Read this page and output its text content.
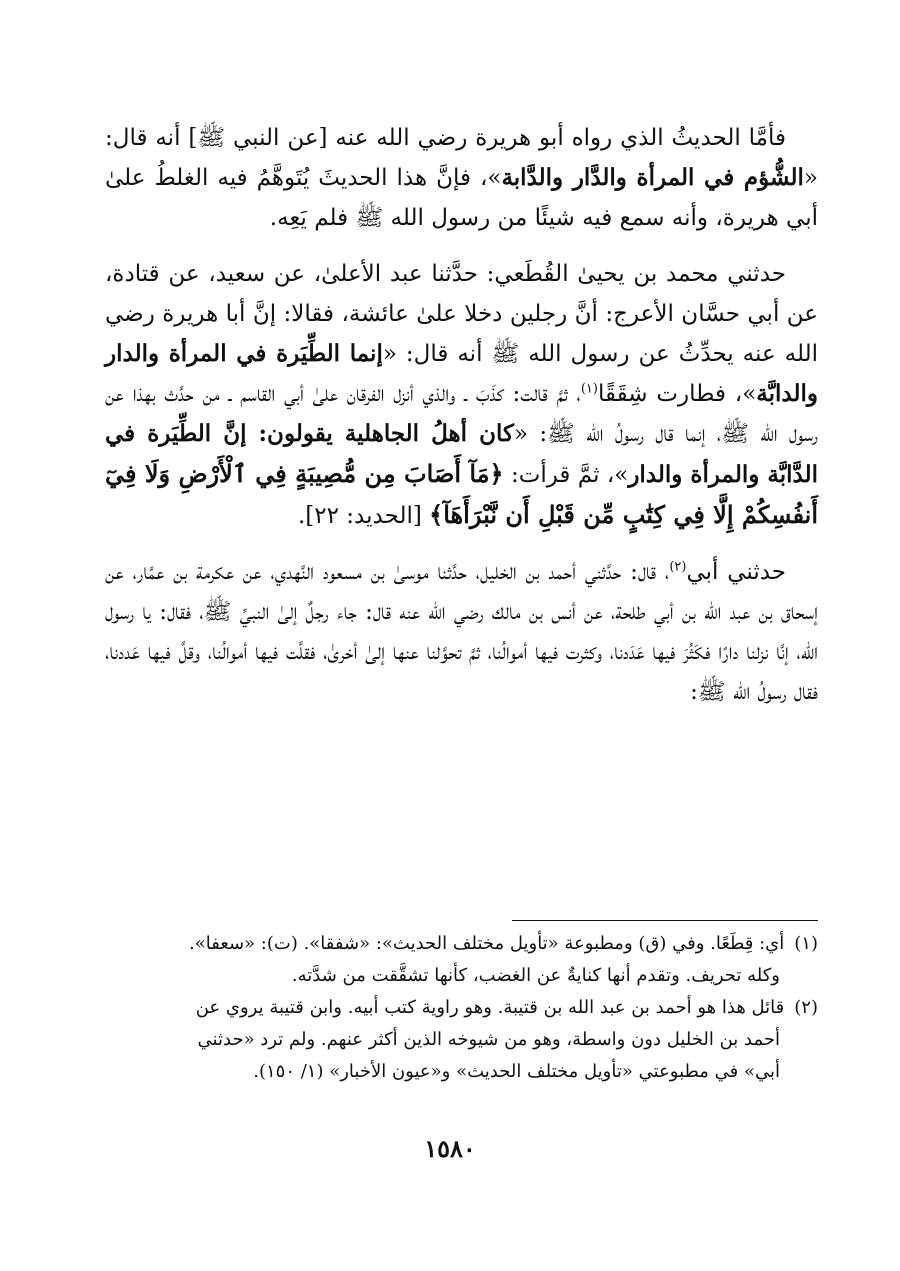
فأمَّا الحديثُ الذي رواه أبو هريرة رضي الله عنه [عن النبي ﷺ] أنه قال: «الشُّؤم في المرأة والدَّار والدَّابة»، فإنَّ هذا الحديثَ يُتَوهَّمُ فيه الغلطُ علىٰ أبي هريرة، وأنه سمع فيه شيئًا من رسول الله ﷺ فلم يَعِه.

حدثني محمد بن يحيىٰ القُطَعي: حدَّثنا عبد الأعلىٰ، عن سعيد، عن قتادة، عن أبي حسَّان الأعرج: أنَّ رجلين دخلا علىٰ عائشة، فقالا: إنَّ أبا هريرة رضي الله عنه يحدِّثُ عن رسول الله ﷺ أنه قال: «إنما الطِّيَرة في المرأة والدار والدابَّة»، فطارت شِقَقًا$^{(١)}$، ثمَّ قالت: كذَبَ ـ والذي أنزل الفرقان علىٰ أبي القاسم ـ من حدَّث بهذا عن رسول الله ﷺ، إنما قال رسولُ الله ﷺ: «كان أهلُ الجاهلية يقولون: إنَّ الطِّيَرة في الدَّابَّة والمرأة والدار»، ثمَّ قرأت: ﴿مَآ أَصَابَ مِن مُّصِيبَةٍ فِي ٱلْأَرْضِ وَلَا فِيٓ أَنفُسِكُمْ إِلَّا فِي كِتَٰبٍ مِّن قَبْلِ أَن نَّبْرَأَهَآ﴾ [الحديد: ٢٢].

حدثني أبي$^{(٢)}$، قال: حدَّثني أحمد بن الخليل، حدَّثنا موسىٰ بن مسعود النَّهدي، عن عكرمة بن عمَّار، عن إسحاق بن عبد الله بن أبي طلحة، عن أنس بن مالك رضي الله عنه قال: جاء رجلٌ إلىٰ النبيِّ ﷺ، فقال: يا رسول الله، إنَّا نزلنا دارًا فكَثُرَ فيها عَدَدنا، وكثرت فيها أموالُنا، ثمَّ تحوَّلنا عنها إلىٰ أخرىٰ، فقلَّت فيها أموالُنا، وقلَّ فيها عَددنا، فقال رسولُ الله ﷺ:

(١)أي: قِطَعًا. وفي (ق) ومطبوعة «تأويل مختلف الحديث»: «شفقا». (ت): «سعفا».

وكله تحريف. وتقدم أنها كنايةٌ عن الغضب، كأنها تشقَّقت من شدَّته.

(٢)قائل هذا هو أحمد بن عبد الله بن قتيبة. وهو راوية كتب أبيه. وابن قتيبة يروي عن

أحمد بن الخليل دون واسطة، وهو من شيوخه الذين أكثر عنهم. ولم ترد «حدثني

أبي» في مطبوعتي «تأويل مختلف الحديث» و«عيون الأخبار» (١/ ١٥٠).

١٥٨٠
